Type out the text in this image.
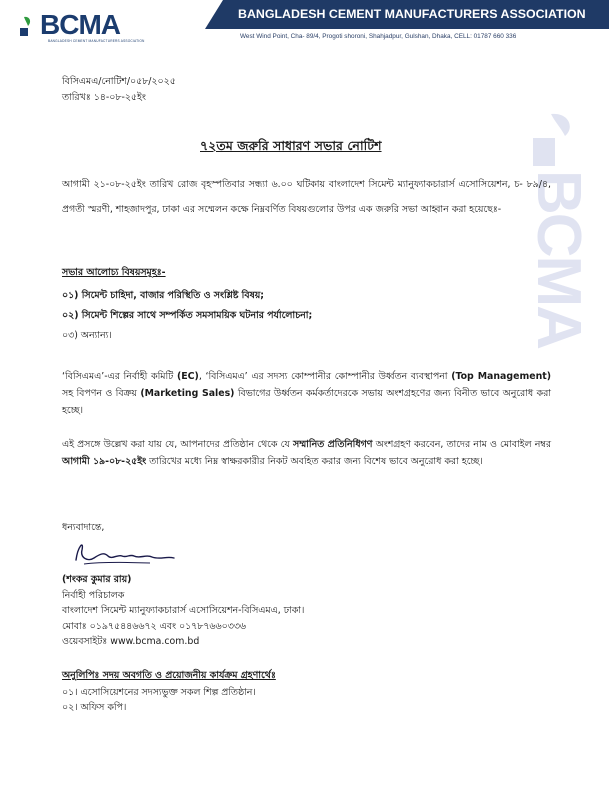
BCMA
BANGLADESH CEMENT MANUFACTURERS ASSOCIATION
BANGLADESH CEMENT MANUFACTURERS ASSOCIATION
West Wind Point, Cha- 89/4, Progoti shoroni, Shahjadpur, Gulshan, Dhaka, CELL: 01787 660 336
BCMA
বিসিএমএ/নোটিশ/০৫৮/২০২৫
তারিখঃ ১৪-০৮-২৫ইং
৭২তম জরুরি সাধারণ সভার নোটিশ
আগামী ২১-০৮-২৫ইং তারিখ রোজ বৃহস্পতিবার সন্ধ্যা ৬.০০ ঘটিকায় বাংলাদেশ সিমেন্ট ম্যানুফ্যাকচারার্স এসোসিয়েশন, চ- ৮৯/৪, প্রগতী স্মরণী, শাহজাদপুর, ঢাকা এর সম্মেলন কক্ষে নিম্নবর্ণিত বিষয়গুলোর উপর এক জরুরি সভা আহ্বান করা হয়েছেঃ-
সভার আলোচ্য বিষয়সমূহঃ-
০১) সিমেন্ট চাহিদা, বাজার পরিস্থিতি ও সংশ্লিষ্ট বিষয়;
০২) সিমেন্ট শিল্পের সাথে সম্পর্কিত সমসাময়িক ঘটনার পর্যালোচনা;
০৩) অন্যান্য।
‘বিসিএমএ’-এর নির্বাহী কমিটি (EC), ‘বিসিএমএ’ এর সদস্য কোম্পানীর কোম্পানীর উর্ধ্বতন ব্যবস্থাপনা (Top Management) সহ বিপণন ও বিক্রয় (Marketing Sales) বিভাগের উর্ধ্বতন কর্মকর্তাদেরকে সভায় অংশগ্রহণের জন্য বিনীত ভাবে অনুরোধ করা হচ্ছে।
এই প্রসঙ্গে উল্লেখ করা যায় যে, আপনাদের প্রতিষ্ঠান থেকে যে সম্মানিত প্রতিনিধিগণ অংশগ্রহণ করবেন, তাদের নাম ও মোবাইল নম্বর আগামী ১৯-০৮-২৫ইং তারিখের মধ্যে নিম্ন স্বাক্ষরকারীর নিকট অবহিত করার জন্য বিশেষ ভাবে অনুরোধ করা হচ্ছে।
ধন্যবাদান্তে,
(শংকর কুমার রায়)
নির্বাহী পরিচালক
বাংলাদেশ সিমেন্ট ম্যানুফ্যাকচারার্স এসোসিয়েশন-বিসিএমএ, ঢাকা।
মোবাঃ ০১৯৭৫৪৪৬৬৭২ এবং ০১৭৮৭৬৬০৩৩৬
ওয়েবসাইটঃ www.bcma.com.bd
অনুলিপিঃ সদয় অবগতি ও প্রয়োজনীয় কার্যক্রম গ্রহণার্থেঃ
০১। এসোসিয়েশনের সদস্যভুক্ত সকল শিল্প প্রতিষ্ঠান।
০২। অফিস কপি।
